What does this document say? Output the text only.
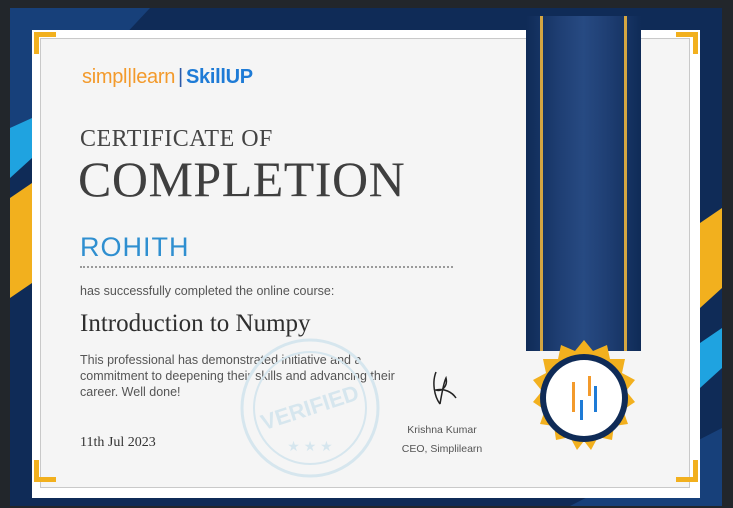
simpl|learn | SkillUP
CERTIFICATE OF
COMPLETION
ROHITH
has successfully completed the online course:
Introduction to Numpy
This professional has demonstrated initiative and a commitment to deepening their skills and advancing their career. Well done!
11th Jul 2023
VERIFIED
★ ★ ★
Krishna Kumar
CEO, Simplilearn
